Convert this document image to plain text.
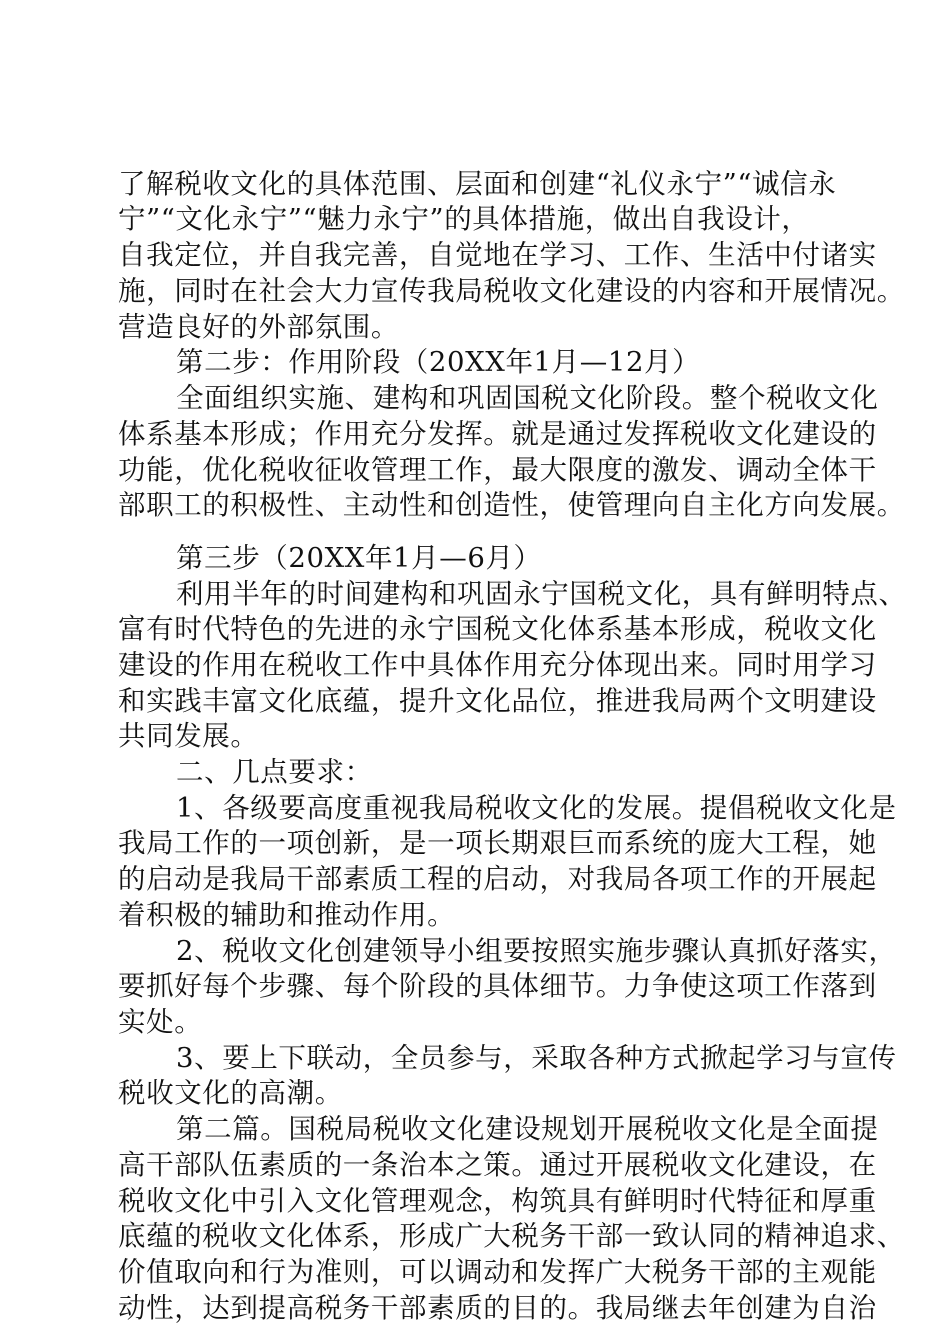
了解税收文化的具体范围、层面和创建“礼仪永宁”“诚信永
宁”“文化永宁”“魅力永宁”的具体措施，做出自我设计，
自我定位，并自我完善，自觉地在学习、工作、生活中付诸实
施，同时在社会大力宣传我局税收文化建设的内容和开展情况。
营造良好的外部氛围。
第二步：作用阶段（20XX年1月—12月）
全面组织实施、建构和巩固国税文化阶段。整个税收文化
体系基本形成；作用充分发挥。就是通过发挥税收文化建设的
功能，优化税收征收管理工作，最大限度的激发、调动全体干
部职工的积极性、主动性和创造性，使管理向自主化方向发展。
第三步（20XX年1月—6月）
利用半年的时间建构和巩固永宁国税文化，具有鲜明特点、
富有时代特色的先进的永宁国税文化体系基本形成，税收文化
建设的作用在税收工作中具体作用充分体现出来。同时用学习
和实践丰富文化底蕴，提升文化品位，推进我局两个文明建设
共同发展。
二、几点要求：
1、各级要高度重视我局税收文化的发展。提倡税收文化是
我局工作的一项创新，是一项长期艰巨而系统的庞大工程，她
的启动是我局干部素质工程的启动，对我局各项工作的开展起
着积极的辅助和推动作用。
2、税收文化创建领导小组要按照实施步骤认真抓好落实，
要抓好每个步骤、每个阶段的具体细节。力争使这项工作落到
实处。
3、要上下联动，全员参与，采取各种方式掀起学习与宣传
税收文化的高潮。
第二篇。国税局税收文化建设规划开展税收文化是全面提
高干部队伍素质的一条治本之策。通过开展税收文化建设，在
税收文化中引入文化管理观念，构筑具有鲜明时代特征和厚重
底蕴的税收文化体系，形成广大税务干部一致认同的精神追求、
价值取向和行为准则，可以调动和发挥广大税务干部的主观能
动性，达到提高税务干部素质的目的。我局继去年创建为自治
